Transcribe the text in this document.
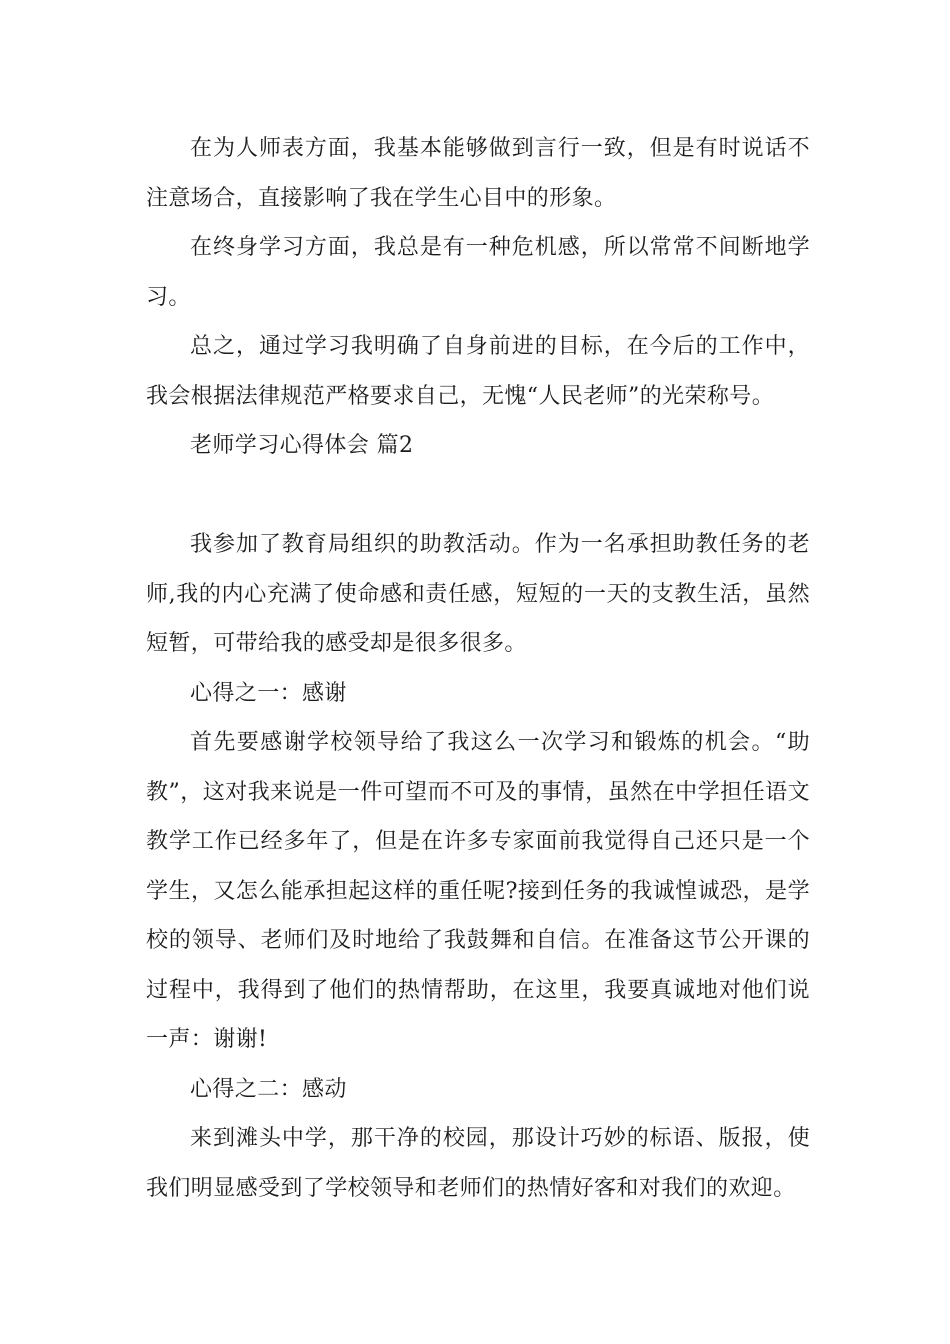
在为人师表方面，我基本能够做到言行一致，但是有时说话不注意场合，直接影响了我在学生心目中的形象。

在终身学习方面，我总是有一种危机感，所以常常不间断地学习。

总之，通过学习我明确了自身前进的目标，在今后的工作中，我会根据法律规范严格要求自己，无愧“人民老师”的光荣称号。

老师学习心得体会 篇2

我参加了教育局组织的助教活动。作为一名承担助教任务的老师,我的内心充满了使命感和责任感，短短的一天的支教生活，虽然短暂，可带给我的感受却是很多很多。

心得之一：感谢

首先要感谢学校领导给了我这么一次学习和锻炼的机会。“助教”，这对我来说是一件可望而不可及的事情，虽然在中学担任语文教学工作已经多年了，但是在许多专家面前我觉得自己还只是一个学生，又怎么能承担起这样的重任呢?接到任务的我诚惶诚恐，是学校的领导、老师们及时地给了我鼓舞和自信。在准备这节公开课的过程中，我得到了他们的热情帮助，在这里，我要真诚地对他们说一声：谢谢!

心得之二：感动

来到滩头中学，那干净的校园，那设计巧妙的标语、版报，使我们明显感受到了学校领导和老师们的热情好客和对我们的欢迎。
